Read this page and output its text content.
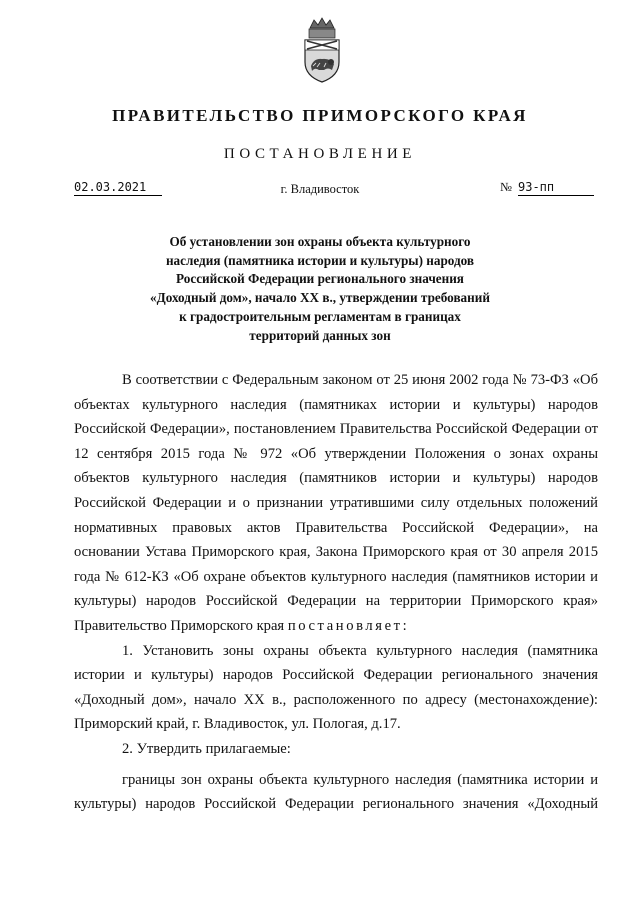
ПРАВИТЕЛЬСТВО ПРИМОРСКОГО КРАЯ
ПОСТАНОВЛЕНИЕ
02.03.2021	г. Владивосток	№ 93-пп
Об установлении зон охраны объекта культурного наследия (памятника истории и культуры) народов Российской Федерации регионального значения «Доходный дом», начало XX в., утверждении требований к градостроительным регламентам в границах территорий данных зон

В соответствии с Федеральным законом от 25 июня 2002 года № 73-ФЗ «Об объектах культурного наследия (памятниках истории и культуры) народов Российской Федерации», постановлением Правительства Российской Федерации от 12 сентября 2015 года № 972 «Об утверждении Положения о зонах охраны объектов культурного наследия (памятников истории и культуры) народов Российской Федерации и о признании утратившими силу отдельных положений нормативных правовых актов Правительства Российской Федерации», на основании Устава Приморского края, Закона Приморского края от 30 апреля 2015 года № 612-КЗ «Об охране объектов культурного наследия (памятников истории и культуры) народов Российской Федерации на территории Приморского края» Правительство Приморского края постановляет:

1. Установить зоны охраны объекта культурного наследия (памятника истории и культуры) народов Российской Федерации регионального значения «Доходный дом», начало XX в., расположенного по адресу (местонахождение): Приморский край, г. Владивосток, ул. Пологая, д.17.

2. Утвердить прилагаемые:

границы зон охраны объекта культурного наследия (памятника истории и культуры) народов Российской Федерации регионального значения «Доходный
